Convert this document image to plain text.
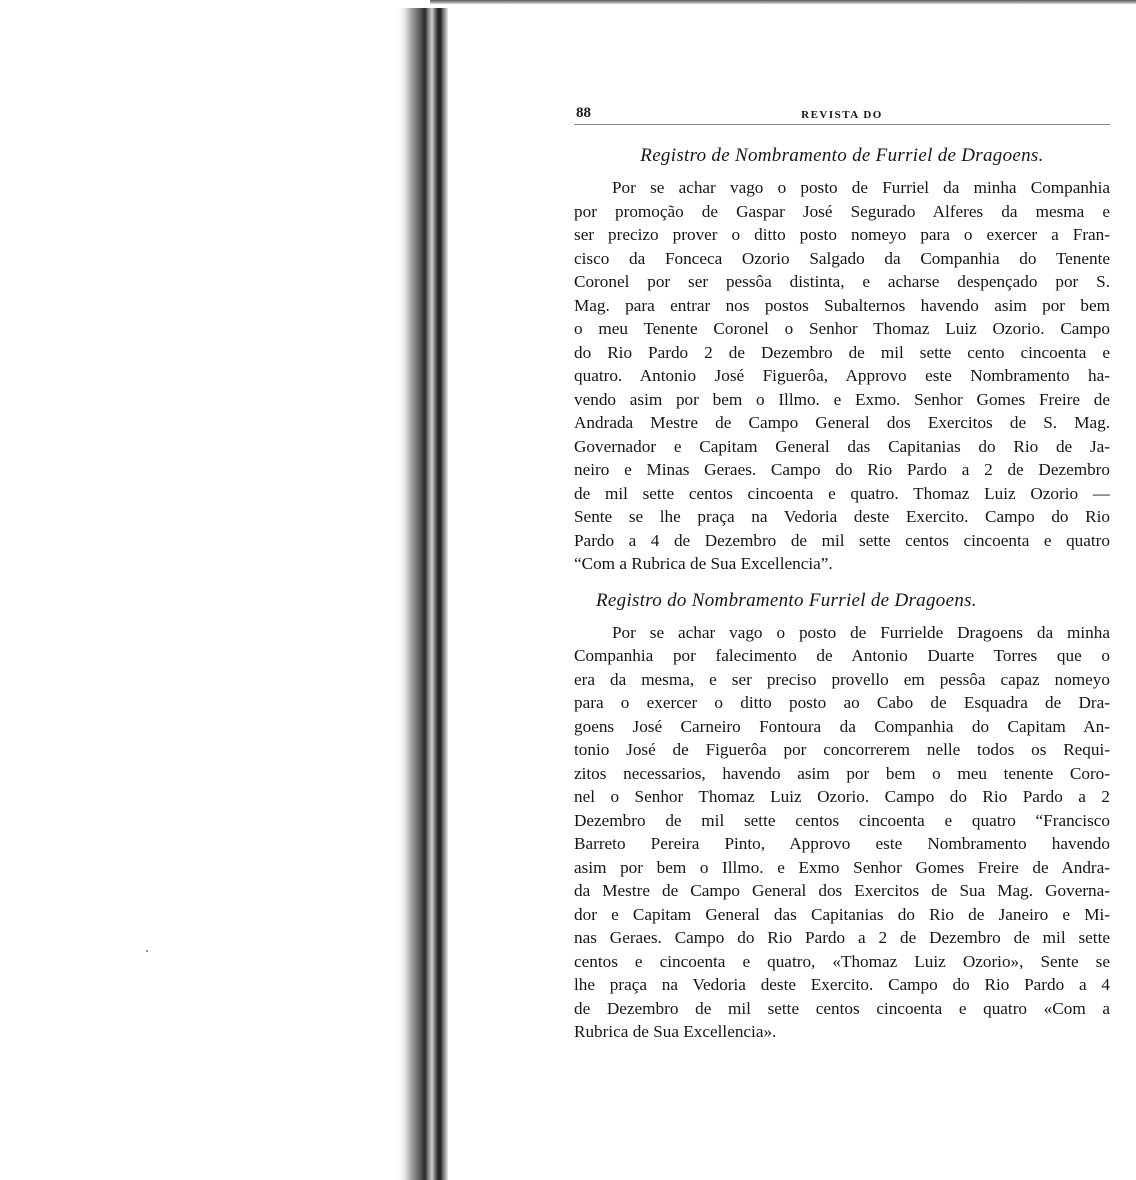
88	REVISTA DO
Registro de Nombramento de Furriel de Dragoens.
Por se achar vago o posto de Furriel da minha Companhia
por promoção de Gaspar José Segurado Alferes da mesma e
ser precizo prover o ditto posto nomeyo para o exercer a Fran-
cisco da Fonceca Ozorio Salgado da Companhia do Tenente
Coronel por ser pessôa distinta, e acharse despençado por S.
Mag. para entrar nos postos Subalternos havendo asim por bem
o meu Tenente Coronel o Senhor Thomaz Luiz Ozorio. Campo
do Rio Pardo 2 de Dezembro de mil sette cento cincoenta e
quatro. Antonio José Figuerôa, Approvo este Nombramento ha-
vendo asim por bem o Illmo. e Exmo. Senhor Gomes Freire de
Andrada Mestre de Campo General dos Exercitos de S. Mag.
Governador e Capitam General das Capitanias do Rio de Ja-
neiro e Minas Geraes. Campo do Rio Pardo a 2 de Dezembro
de mil sette centos cincoenta e quatro. Thomaz Luiz Ozorio —
Sente se lhe praça na Vedoria deste Exercito. Campo do Rio
Pardo a 4 de Dezembro de mil sette centos cincoenta e quatro
“Com a Rubrica de Sua Excellencia”.
Registro do Nombramento Furriel de Dragoens.
Por se achar vago o posto de Furrielde Dragoens da minha
Companhia por falecimento de Antonio Duarte Torres que o
era da mesma, e ser preciso provello em pessôa capaz nomeyo
para o exercer o ditto posto ao Cabo de Esquadra de Dra-
goens José Carneiro Fontoura da Companhia do Capitam An-
tonio José de Figuerôa por concorrerem nelle todos os Requi-
zitos necessarios, havendo asim por bem o meu tenente Coro-
nel o Senhor Thomaz Luiz Ozorio. Campo do Rio Pardo a 2
Dezembro de mil sette centos cincoenta e quatro “Francisco
Barreto Pereira Pinto, Approvo este Nombramento havendo
asim por bem o Illmo. e Exmo Senhor Gomes Freire de Andra-
da Mestre de Campo General dos Exercitos de Sua Mag. Governa-
dor e Capitam General das Capitanias do Rio de Janeiro e Mi-
nas Geraes. Campo do Rio Pardo a 2 de Dezembro de mil sette
centos e cincoenta e quatro, «Thomaz Luiz Ozorio», Sente se
lhe praça na Vedoria deste Exercito. Campo do Rio Pardo a 4
de Dezembro de mil sette centos cincoenta e quatro «Com a
Rubrica de Sua Excellencia».
